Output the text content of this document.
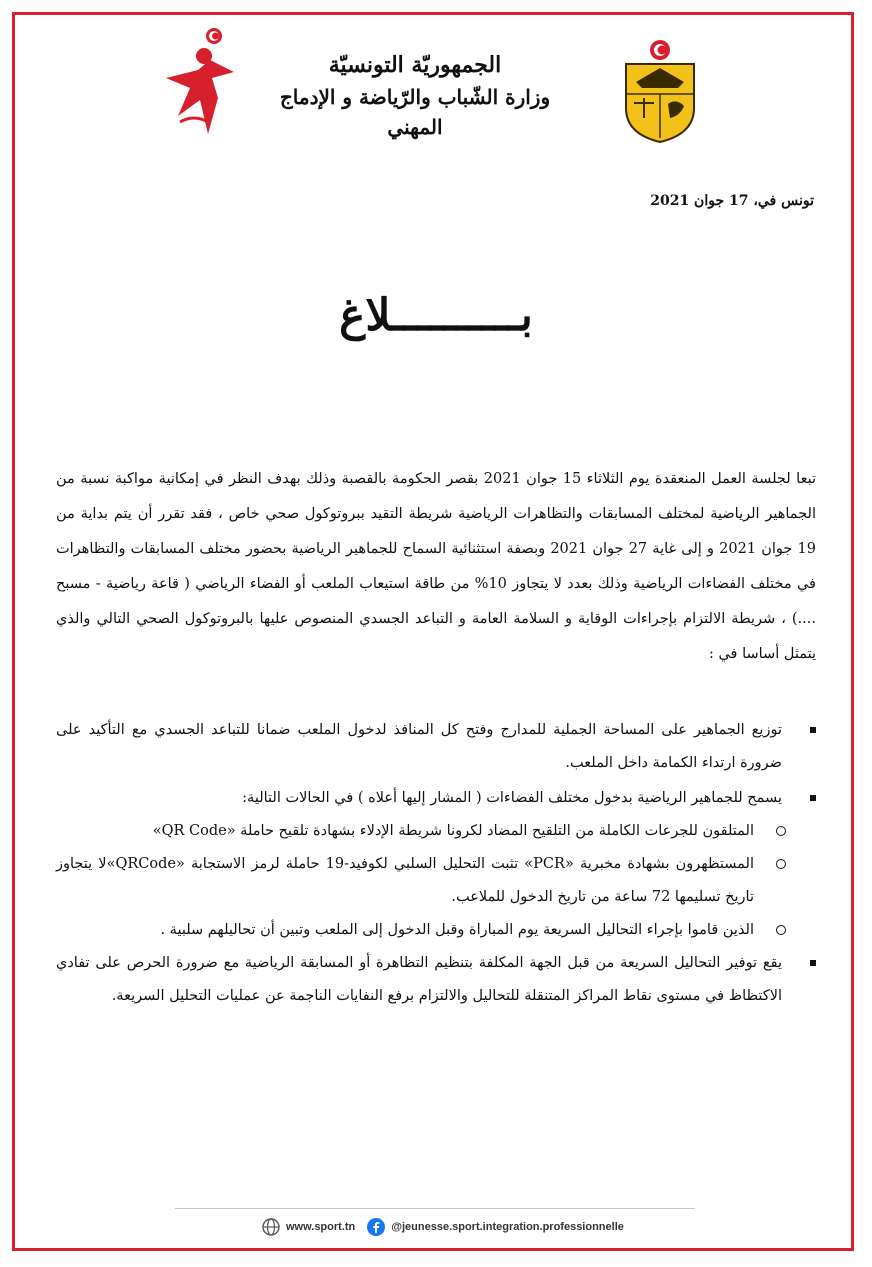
الجمهوريّة التونسيّة
وزارة الشّباب والرّياضة و الإدماج المهني
تونس في، 17 جوان 2021
بــــــــــلاغ

تبعا لجلسة العمل المنعقدة يوم الثلاثاء 15 جوان 2021 بقصر الحكومة بالقصبة وذلك بهدف النظر في إمكانية مواكبة نسبة من الجماهير الرياضية لمختلف المسابقات والتظاهرات الرياضية شريطة التقيد ببروتوكول صحي خاص ، فقد تقرر أن يتم بداية من 19 جوان 2021 و إلى غاية 27 جوان 2021 وبصفة استثنائية السماح للجماهير الرياضية بحضور مختلف المسابقات والتظاهرات في مختلف الفضاءات الرياضية وذلك بعدد لا يتجاوز 10% من طاقة استيعاب الملعب أو الفضاء الرياضي ( قاعة رياضية - مسبح ....) ، شريطة الالتزام بإجراءات الوقاية و السلامة العامة و التباعد الجسدي المنصوص عليها بالبروتوكول الصحي التالي والذي يتمثل أساسا في :

توزيع الجماهير على المساحة الجملية للمدارج وفتح كل المنافذ لدخول الملعب ضمانا للتباعد الجسدي مع التأكيد على ضرورة ارتداء الكمامة داخل الملعب.
يسمح للجماهير الرياضية بدخول مختلف الفضاءات ( المشار إليها أعلاه ) في الحالات التالية:
المتلقون للجرعات الكاملة من التلقيح المضاد لكرونا شريطة الإدلاء بشهادة تلقيح حاملة «QR Code»
المستظهرون بشهادة مخبرية «PCR» تثبت التحليل السلبي لكوفيد-19 حاملة لرمز الاستجابة «QRCode»لا يتجاوز تاريخ تسليمها 72 ساعة من تاريخ الدخول للملاعب.
الذين قاموا بإجراء التحاليل السريعة يوم المباراة وقبل الدخول إلى الملعب وتبين أن تحاليلهم سلبية .
يقع توفير التحاليل السريعة من قبل الجهة المكلفة بتنظيم التظاهرة أو المسابقة الرياضية مع ضرورة الحرص على تفادي الاكتظاظ في مستوى نقاط المراكز المتنقلة للتحاليل والالتزام برفع النفايات الناجمة عن عمليات التحليل السريعة.
www.sport.tn	@jeunesse.sport.integration.professionnelle
